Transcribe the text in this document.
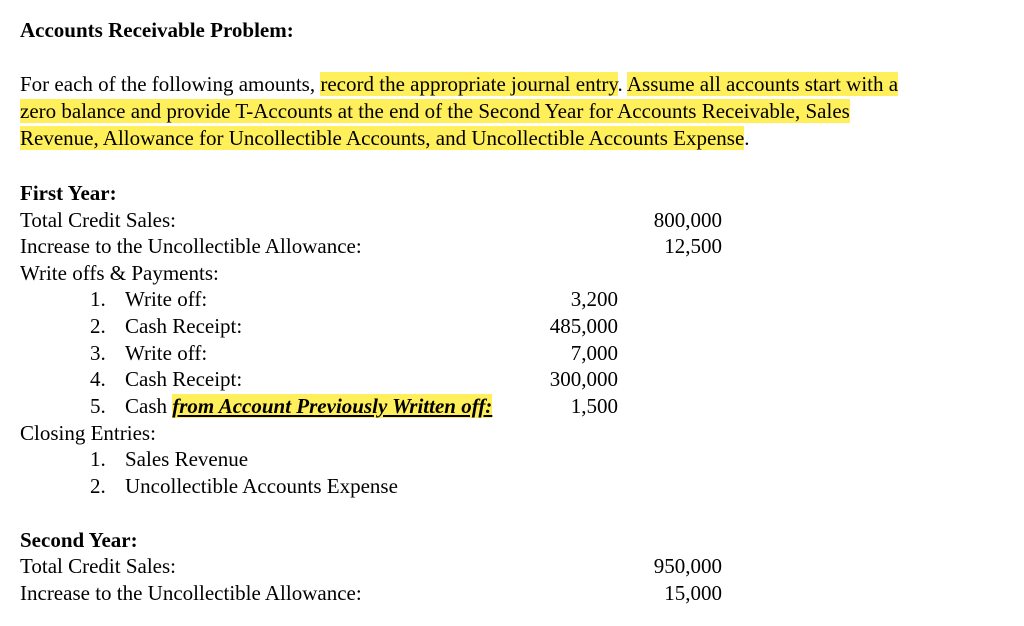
Accounts Receivable Problem:
For each of the following amounts, record the appropriate journal entry. Assume all accounts start with a
zero balance and provide T-Accounts at the end of the Second Year for Accounts Receivable, Sales
Revenue, Allowance for Uncollectible Accounts, and Uncollectible Accounts Expense.
First Year:
Total Credit Sales:	800,000
Increase to the Uncollectible Allowance:	12,500
Write offs & Payments:
1. Write off:	3,200
2. Cash Receipt:	485,000
3. Write off:	7,000
4. Cash Receipt:	300,000
5. Cash from Account Previously Written off:	1,500
Closing Entries:
1. Sales Revenue
2. Uncollectible Accounts Expense
Second Year:
Total Credit Sales:	950,000
Increase to the Uncollectible Allowance:	15,000
